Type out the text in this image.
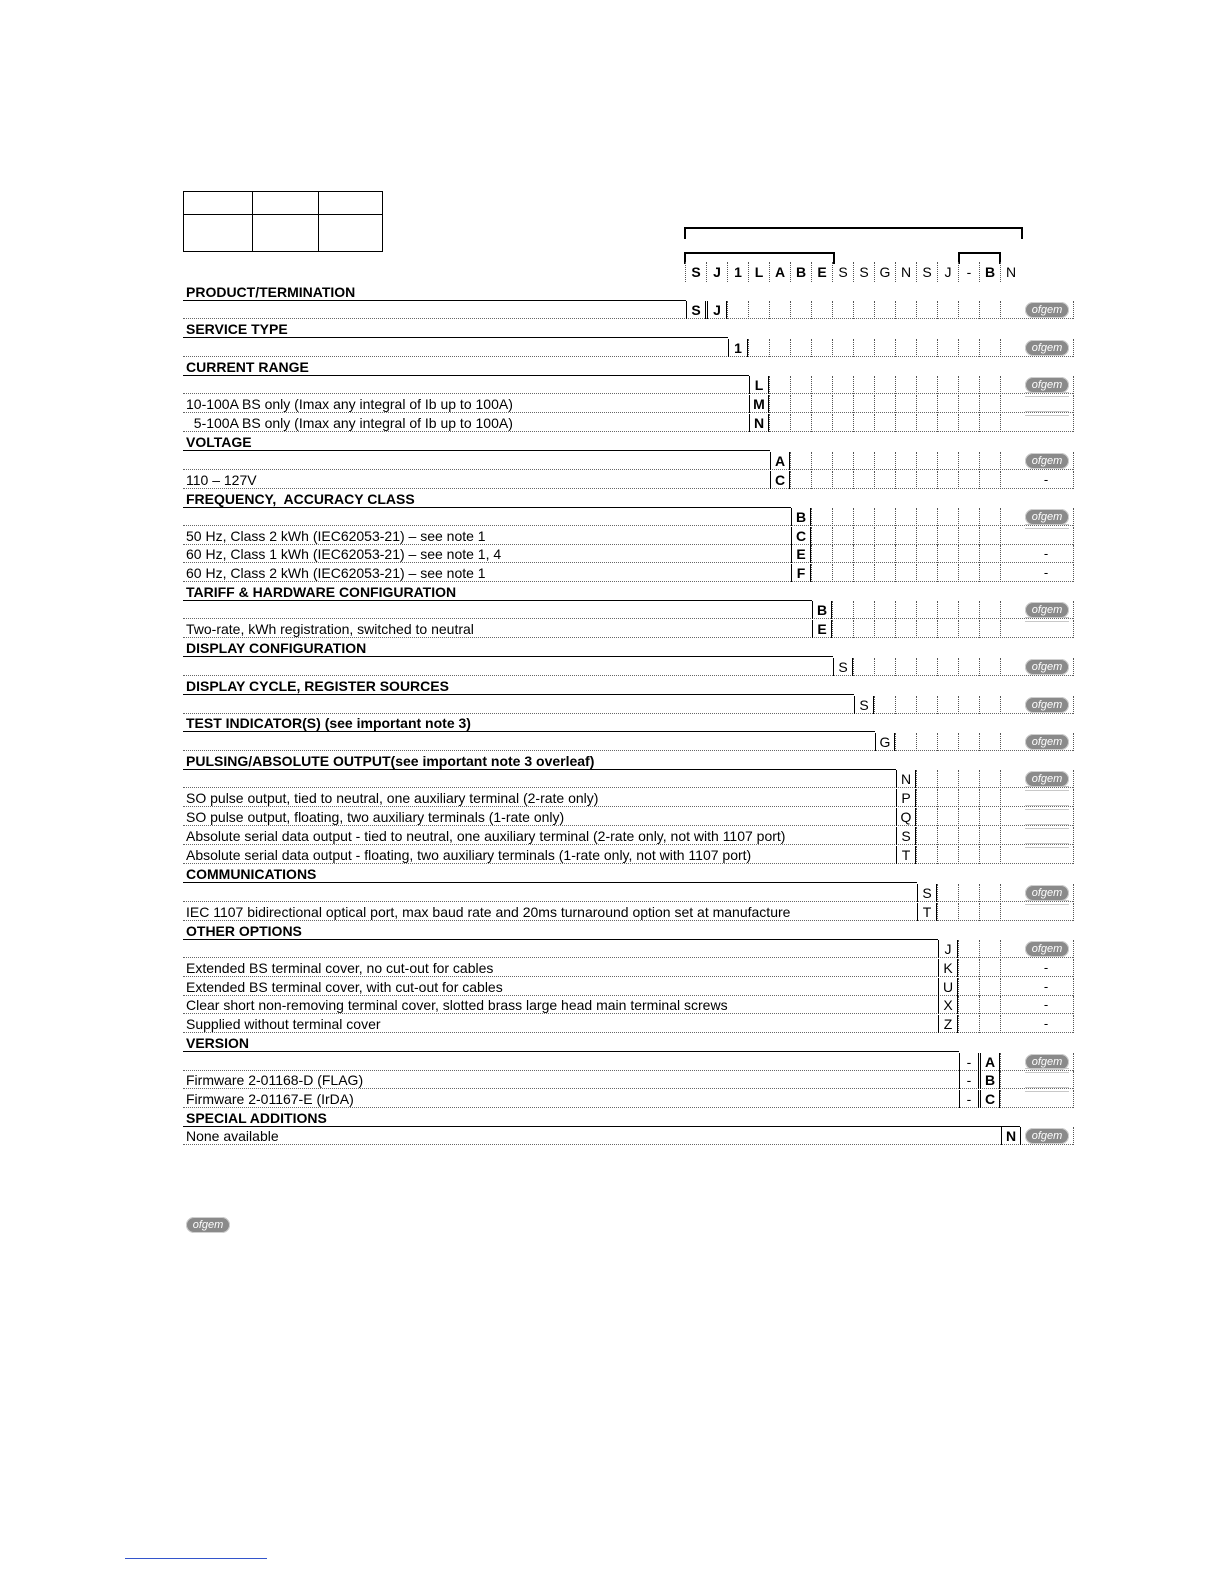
S J 1 L A B E S S G N S J	- B N
PRODUCT/TERMINATION
S J	ofgem
SERVICE TYPE
1	ofgem
CURRENT RANGE
L	ofgem
10-100A BS only (Imax any integral of Ib up to 100A)	M
5-100A BS only (Imax any integral of Ib up to 100A)	N
VOLTAGE
A	ofgem
110 – 127V	C	-
FREQUENCY,  ACCURACY CLASS
B	ofgem
50 Hz, Class 2 kWh (IEC62053-21) – see note 1	C
60 Hz, Class 1 kWh (IEC62053-21) – see note 1, 4	E	-
60 Hz, Class 2 kWh (IEC62053-21) – see note 1	F	-
TARIFF & HARDWARE CONFIGURATION
B	ofgem
Two-rate, kWh registration, switched to neutral	E
DISPLAY CONFIGURATION
S	ofgem
DISPLAY CYCLE, REGISTER SOURCES
S	ofgem
TEST INDICATOR(S) (see important note 3)
G	ofgem
PULSING/ABSOLUTE OUTPUT(see important note 3 overleaf)
N	ofgem
SO pulse output, tied to neutral, one auxiliary terminal (2-rate only)	P
SO pulse output, floating, two auxiliary terminals (1-rate only)	Q
Absolute serial data output - tied to neutral, one auxiliary terminal (2-rate only, not with 1107 port)	S
Absolute serial data output - floating, two auxiliary terminals (1-rate only, not with 1107 port)	T
COMMUNICATIONS
S	ofgem
IEC 1107 bidirectional optical port, max baud rate and 20ms turnaround option set at manufacture	T
OTHER OPTIONS
J	ofgem
Extended BS terminal cover, no cut-out for cables	K	-
Extended BS terminal cover, with cut-out for cables	U	-
Clear short non-removing terminal cover, slotted brass large head main terminal screws	X	-
Supplied without terminal cover	Z	-
VERSION
- A	ofgem
Firmware 2-01168-D (FLAG)	- B
Firmware 2-01167-E (IrDA)	- C
SPECIAL ADDITIONS
None available	N	ofgem
ofgem
